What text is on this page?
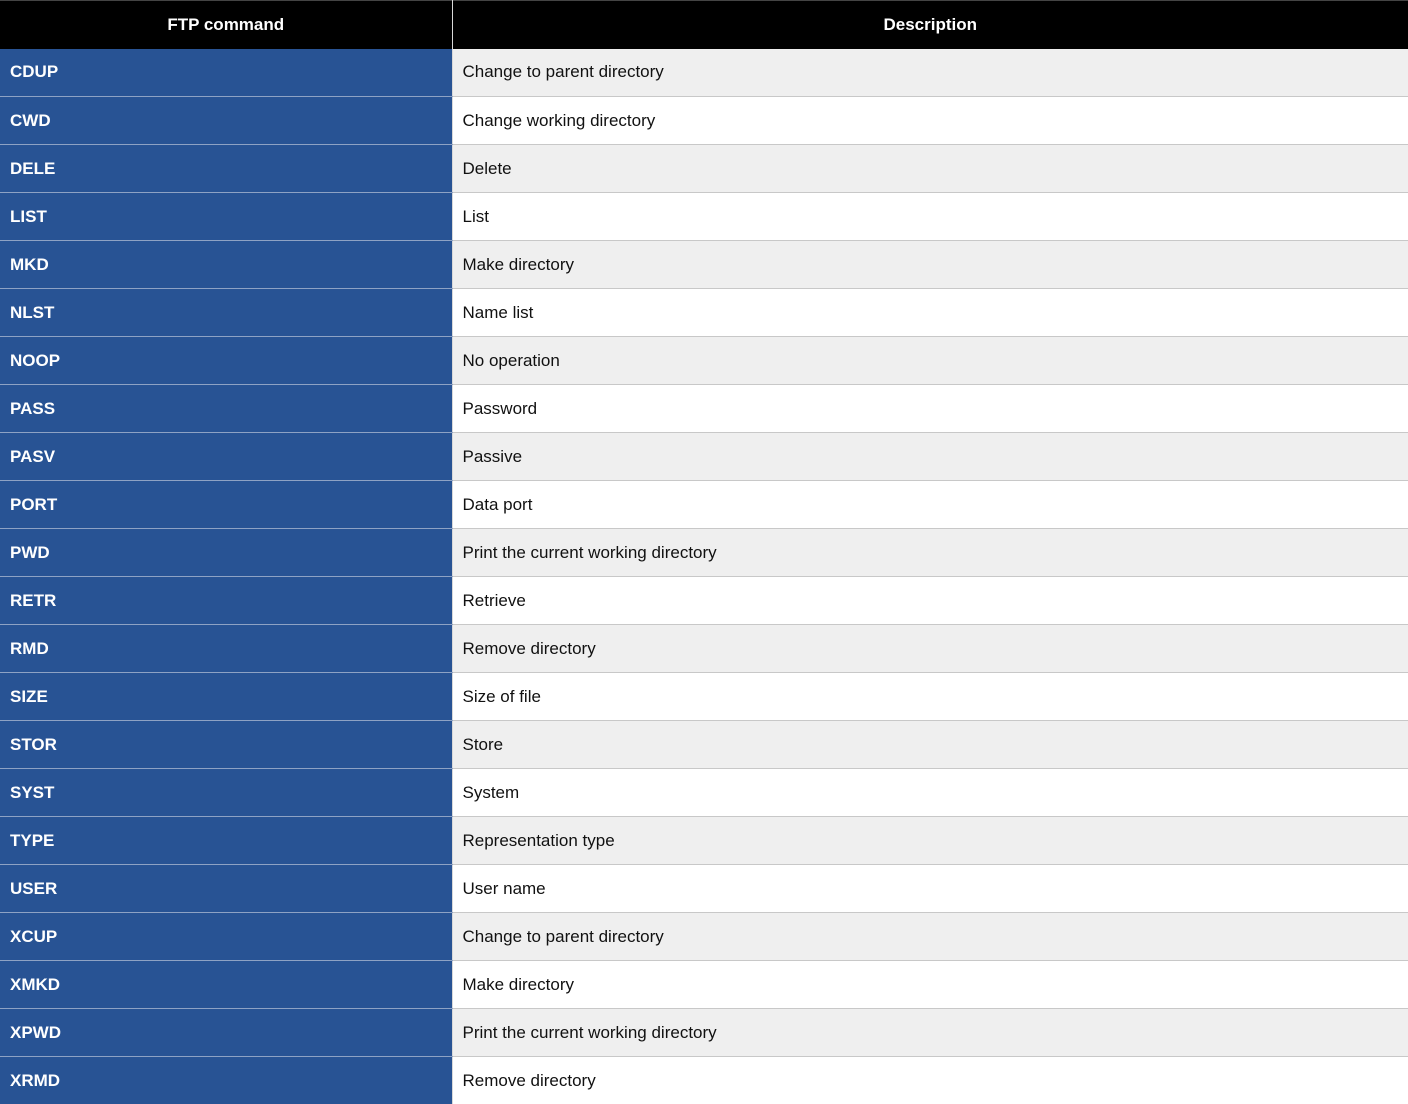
FTP command	Description
CDUP	Change to parent directory
CWD	Change working directory
DELE	Delete
LIST	List
MKD	Make directory
NLST	Name list
NOOP	No operation
PASS	Password
PASV	Passive
PORT	Data port
PWD	Print the current working directory
RETR	Retrieve
RMD	Remove directory
SIZE	Size of file
STOR	Store
SYST	System
TYPE	Representation type
USER	User name
XCUP	Change to parent directory
XMKD	Make directory
XPWD	Print the current working directory
XRMD	Remove directory
